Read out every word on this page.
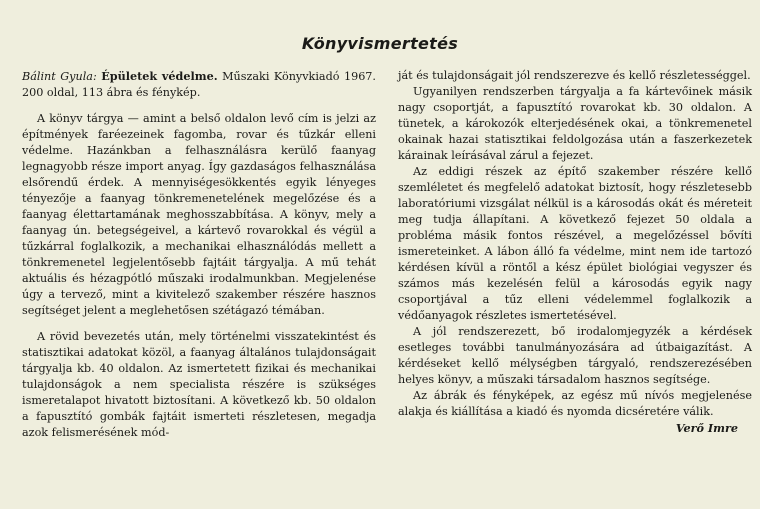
Könyvismertetés

Bálint Gyula: Épületek védelme. Műszaki Könyvkiadó 1967. 200 oldal, 113 ábra és fénykép.

A könyv tárgya — amint a belső oldalon levő cím is jelzi az építmények faréezeinek fagomba, rovar és tűzkár elleni védelme. Hazánkban a felhasználásra kerülő faanyag legnagyobb része import anyag. Így gazdaságos felhasználása elsőrendű érdek. A mennyiségesökkentés egyik lényeges tényezője a faanyag tönkremenetelének megelőzése és a faanyag élettartamának meghosszabbítása. A könyv, mely a faanyag ún. betegségeivel, a kártevő rovarokkal és végül a tűzkárral foglalkozik, a mechanikai elhasználódás mellett a tönkremenetel legjelentősebb fajtáit tárgyalja. A mű tehát aktuális és hézagpótló műszaki irodalmunkban. Megjelenése úgy a tervező, mint a kivitelező szakember részére hasznos segítséget jelent a meglehetősen szétágazó témában.

A rövid bevezetés után, mely történelmi visszatekintést és statisztikai adatokat közöl, a faanyag általános tulajdonságait tárgyalja kb. 40 oldalon. Az ismertetett fizikai és mechanikai tulajdonságok a nem specialista részére is szükséges ismeretalapot hivatott biztosítani. A következő kb. 50 oldalon a fapusztító gombák fajtáit ismerteti részletesen, megadja azok felismerésének mód-

ját és tulajdonságait jól rendszerezve és kellő részletességgel.

Ugyanilyen rendszerben tárgyalja a fa kártevőinek másik nagy csoportját, a fapusztító rovarokat kb. 30 oldalon. A tünetek, a károkozók elterjedésének okai, a tönkremenetel okainak hazai statisztikai feldolgozása után a faszerkezetek kárainak leírásával zárul a fejezet.

Az eddigi részek az építő szakember részére kellő szemléletet és megfelelő adatokat biztosít, hogy részletesebb laboratóriumi vizsgálat nélkül is a károsodás okát és méreteit meg tudja állapítani. A következő fejezet 50 oldala a probléma másik fontos részével, a megelőzéssel bővíti ismereteinket. A lábon álló fa védelme, mint nem ide tartozó kérdésen kívül a röntől a kész épület biológiai vegyszer és számos más kezelésén felül a károsodás egyik nagy csoportjával a tűz elleni védelemmel foglalkozik a védőanyagok részletes ismertetésével.

A jól rendszerezett, bő irodalomjegyzék a kérdések esetleges további tanulmányozására ad útbaigazítást. A kérdéseket kellő mélységben tárgyaló, rendszerezésében helyes könyv, a műszaki társadalom hasznos segítsége.

Az ábrák és fényképek, az egész mű nívós megjelenése alakja és kiállítása a kiadó és nyomda dicséretére válik.

Verő Imre
